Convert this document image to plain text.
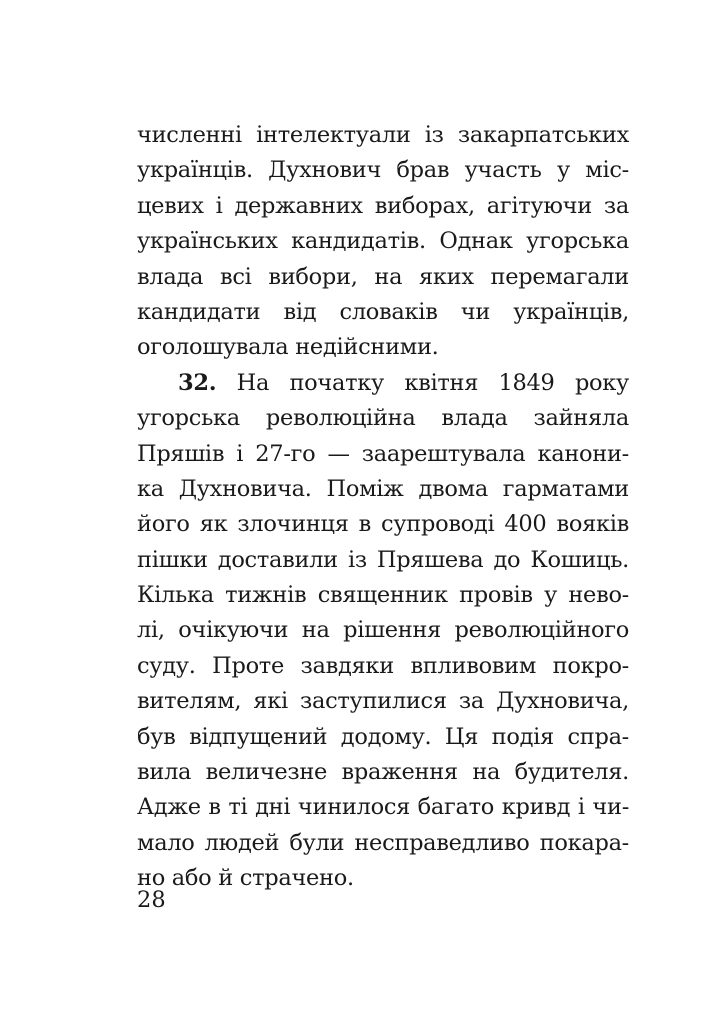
численні інтелектуали із закарпатських
українців. Духнович брав участь у міс-
цевих і державних виборах, агітуючи за
українських кандидатів. Однак угорська
влада всі вибори, на яких перемагали
кандидати від словаків чи українців,
оголошувала недійсними.
32. На початку квітня 1849 року
угорська революційна влада зайняла
Пряшів і 27-го — заарештувала канони-
ка Духновича. Поміж двома гарматами
його як злочинця в супроводі 400 вояків
пішки доставили із Пряшева до Кошиць.
Кілька тижнів священник провів у нево-
лі, очікуючи на рішення революційного
суду. Проте завдяки впливовим покро-
вителям, які заступилися за Духновича,
був відпущений додому. Ця подія спра-
вила величезне враження на будителя.
Адже в ті дні чинилося багато кривд і чи-
мало людей були несправедливо покара-
но або й страчено.
28
